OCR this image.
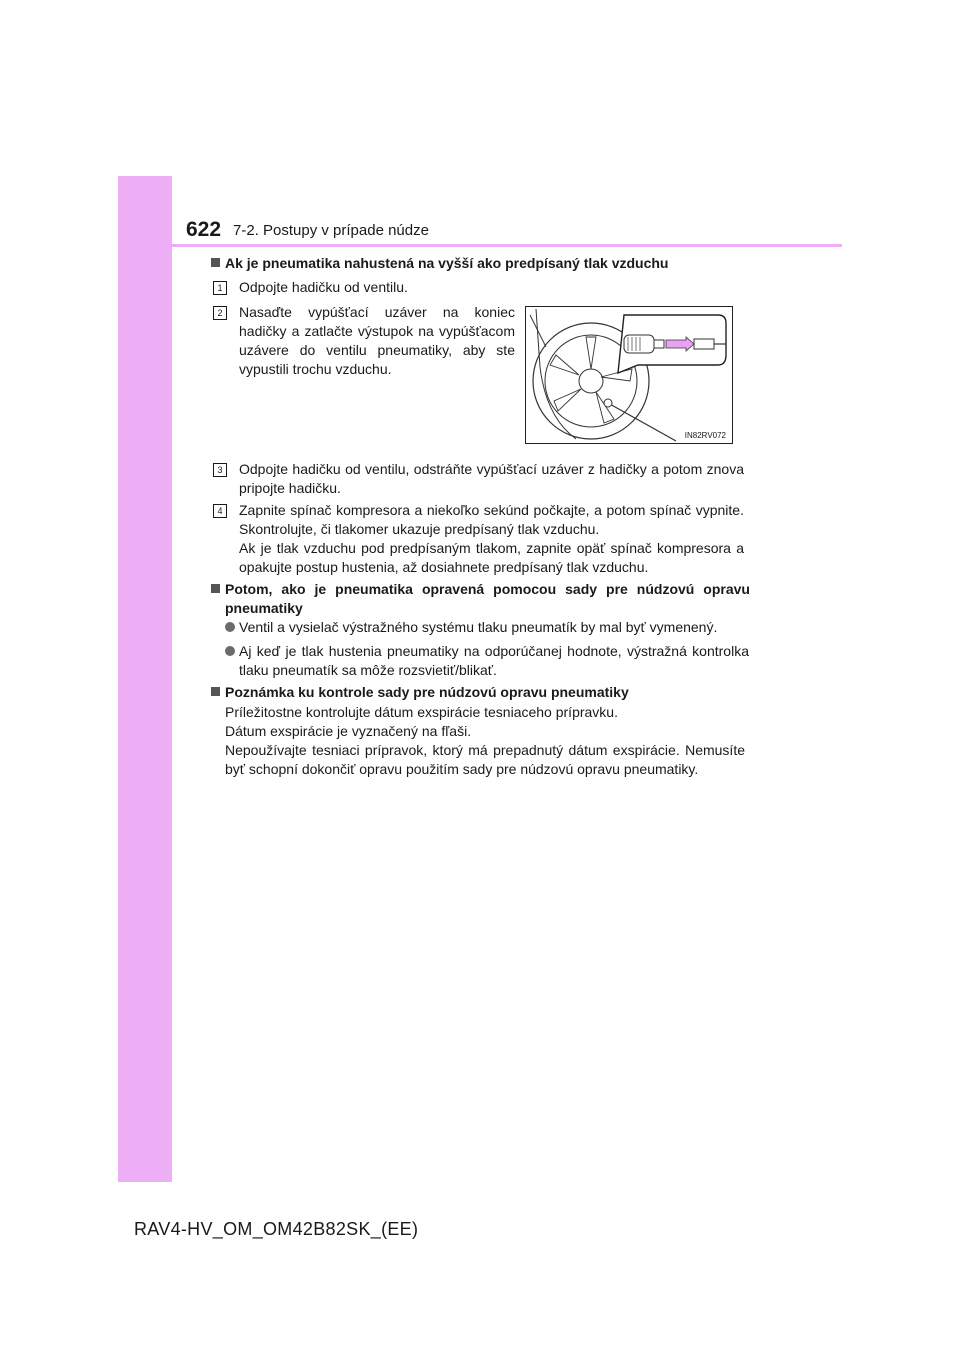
622 7-2. Postupy v prípade núdze
Ak je pneumatika nahustená na vyšší ako predpísaný tlak vzduchu
1	Odpojte hadičku od ventilu.
2	Nasaďte vypúšťací uzáver na koniec hadičky a zatlačte výstupok na vypúšťacom uzávere do ventilu pneumatiky, aby ste vypustili trochu vzduchu.
IN82RV072
3	Odpojte hadičku od ventilu, odstráňte vypúšťací uzáver z hadičky a potom znova pripojte hadičku.
4	Zapnite spínač kompresora a niekoľko sekúnd počkajte, a potom spínač vypnite. Skontrolujte, či tlakomer ukazuje predpísaný tlak vzduchu.
Ak je tlak vzduchu pod predpísaným tlakom, zapnite opäť spínač kompresora a opakujte postup hustenia, až dosiahnete predpísaný tlak vzduchu.
Potom, ako je pneumatika opravená pomocou sady pre núdzovú opravu pneumatiky
Ventil a vysielač výstražného systému tlaku pneumatík by mal byť vymenený.
Aj keď je tlak hustenia pneumatiky na odporúčanej hodnote, výstražná kontrolka tlaku pneumatík sa môže rozsvietiť/blikať.
Poznámka ku kontrole sady pre núdzovú opravu pneumatiky
Príležitostne kontrolujte dátum exspirácie tesniaceho prípravku.
Dátum exspirácie je vyznačený na fľaši.
Nepoužívajte tesniaci prípravok, ktorý má prepadnutý dátum exspirácie. Nemusíte byť schopní dokončiť opravu použitím sady pre núdzovú opravu pneumatiky.
RAV4-HV_OM_OM42B82SK_(EE)
